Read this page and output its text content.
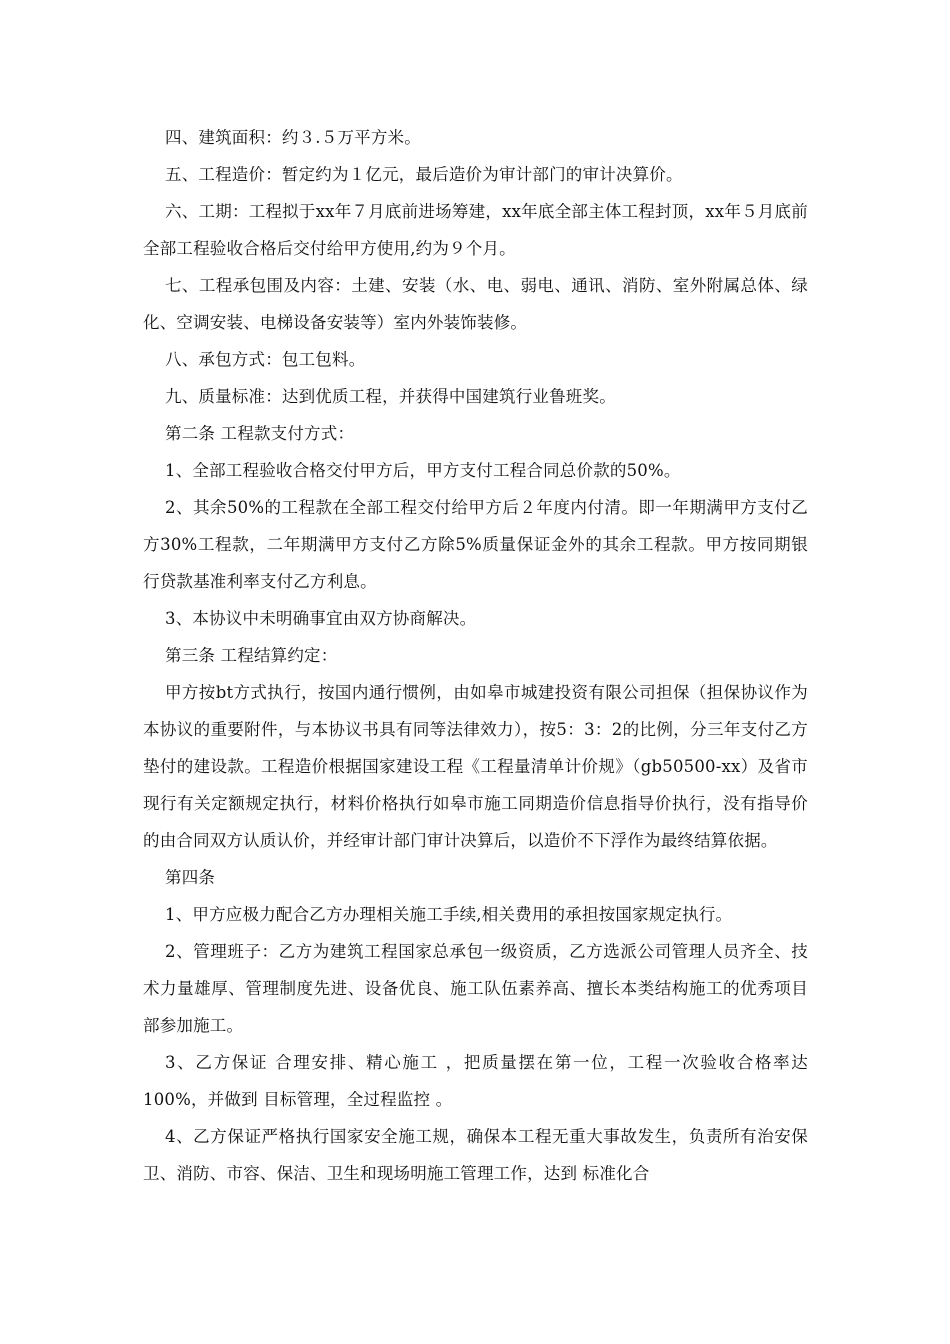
四、建筑面积：约３.５万平方米。

五、工程造价：暂定约为１亿元，最后造价为审计部门的审计决算价。

六、工期：工程拟于xx年７月底前进场筹建，xx年底全部主体工程封顶，xx年５月底前全部工程验收合格后交付给甲方使用,约为９个月。

七、工程承包围及内容：土建、安装（水、电、弱电、通讯、消防、室外附属总体、绿化、空调安装、电梯设备安装等）室内外装饰装修。

八、承包方式：包工包料。

九、质量标准：达到优质工程，并获得中国建筑行业鲁班奖。

第二条 工程款支付方式：

1、全部工程验收合格交付甲方后，甲方支付工程合同总价款的50%。

2、其余50%的工程款在全部工程交付给甲方后２年度内付清。即一年期满甲方支付乙方30%工程款，二年期满甲方支付乙方除5%质量保证金外的其余工程款。甲方按同期银行贷款基准利率支付乙方利息。

3、本协议中未明确事宜由双方协商解决。

第三条 工程结算约定：

甲方按bt方式执行，按国内通行惯例，由如皋市城建投资有限公司担保（担保协议作为本协议的重要附件，与本协议书具有同等法律效力），按5：3：2的比例，分三年支付乙方垫付的建设款。工程造价根据国家建设工程《工程量清单计价规》（gb50500-xx）及省市现行有关定额规定执行，材料价格执行如皋市施工同期造价信息指导价执行，没有指导价的由合同双方认质认价，并经审计部门审计决算后，以造价不下浮作为最终结算依据。

第四条

1、甲方应极力配合乙方办理相关施工手续,相关费用的承担按国家规定执行。

2、管理班子：乙方为建筑工程国家总承包一级资质，乙方选派公司管理人员齐全、技术力量雄厚、管理制度先进、设备优良、施工队伍素养高、擅长本类结构施工的优秀项目部参加施工。

3、乙方保证 合理安排、精心施工 ，把质量摆在第一位，工程一次验收合格率达100%，并做到 目标管理，全过程监控 。

4、乙方保证严格执行国家安全施工规，确保本工程无重大事故发生，负责所有治安保卫、消防、市容、保洁、卫生和现场明施工管理工作，达到 标准化合
